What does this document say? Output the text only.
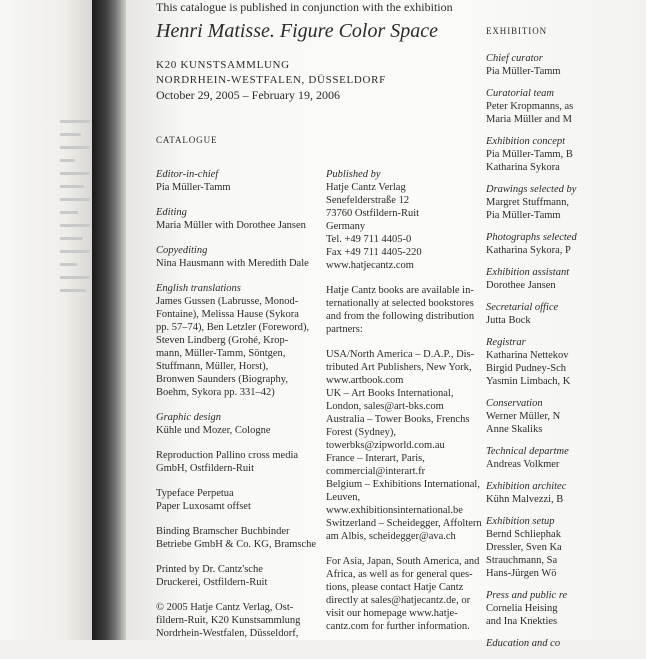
This catalogue is published in conjunction with the exhibition
Henri Matisse. Figure Color Space
K20 KUNSTSAMMLUNG
NORDRHEIN-WESTFALEN, DÜSSELDORF
October 29, 2005 – February 19, 2006
CATALOGUE
Editor-in-chief
Pia Müller-Tamm
Editing
Maria Müller with Dorothee Jansen
Copyediting
Nina Hausmann with Meredith Dale
English translations
James Gussen (Labrusse, Monod-
Fontaine), Melissa Hause (Sykora
pp. 57–74), Ben Letzler (Foreword),
Steven Lindberg (Grohé, Krop-
mann, Müller-Tamm, Söntgen,
Stuffmann, Müller, Horst),
Bronwen Saunders (Biography,
Boehm, Sykora pp. 331–42)
Graphic design
Kühle und Mozer, Cologne
Reproduction Pallino cross media
GmbH, Ostfildern-Ruit
Typeface Perpetua
Paper Luxosamt offset
Binding Bramscher Buchbinder
Betriebe GmbH & Co. KG, Bramsche
Printed by Dr. Cantz'sche
Druckerei, Ostfildern-Ruit
© 2005 Hatje Cantz Verlag, Ost-
fildern-Ruit, K20 Kunstsammlung
Nordrhein-Westfalen, Düsseldorf,
Published by
Hatje Cantz Verlag
Senefelderstraße 12
73760 Ostfildern-Ruit
Germany
Tel. +49 711 4405-0
Fax +49 711 4405-220
www.hatjecantz.com
Hatje Cantz books are available in-
ternationally at selected bookstores
and from the following distribution
partners:
USA/North America – D.A.P., Dis-
tributed Art Publishers, New York,
www.artbook.com
UK – Art Books International,
London, sales@art-bks.com
Australia – Tower Books, Frenchs
Forest (Sydney),
towerbks@zipworld.com.au
France – Interart, Paris,
commercial@interart.fr
Belgium – Exhibitions International,
Leuven,
www.exhibitionsinternational.be
Switzerland – Scheidegger, Affoltern
am Albis, scheidegger@ava.ch
For Asia, Japan, South America, and
Africa, as well as for general ques-
tions, please contact Hatje Cantz
directly at sales@hatjecantz.de, or
visit our homepage www.hatje-
cantz.com for further information.
EXHIBITION
Chief curator
Pia Müller-Tamm
Curatorial team
Peter Kropmanns, as
Maria Müller and M
Exhibition concept
Pia Müller-Tamm, B
Katharina Sykora
Drawings selected by
Margret Stuffmann,
Pia Müller-Tamm
Photographs selected
Katharina Sykora, P
Exhibition assistant
Dorothee Jansen
Secretarial office
Jutta Bock
Registrar
Katharina Nettekov
Birgid Pudney-Sch
Yasmin Limbach, K
Conservation
Werner Müller, N
Anne Skaliks
Technical departme
Andreas Volkmer
Exhibition architec
Kühn Malvezzi, B
Exhibition setup
Bernd Schliephak
Dressler, Sven Ka
Strauchmann, Sa
Hans-Jürgen Wö
Press and public re
Cornelia Heising
and Ina Knekties
Education and co
